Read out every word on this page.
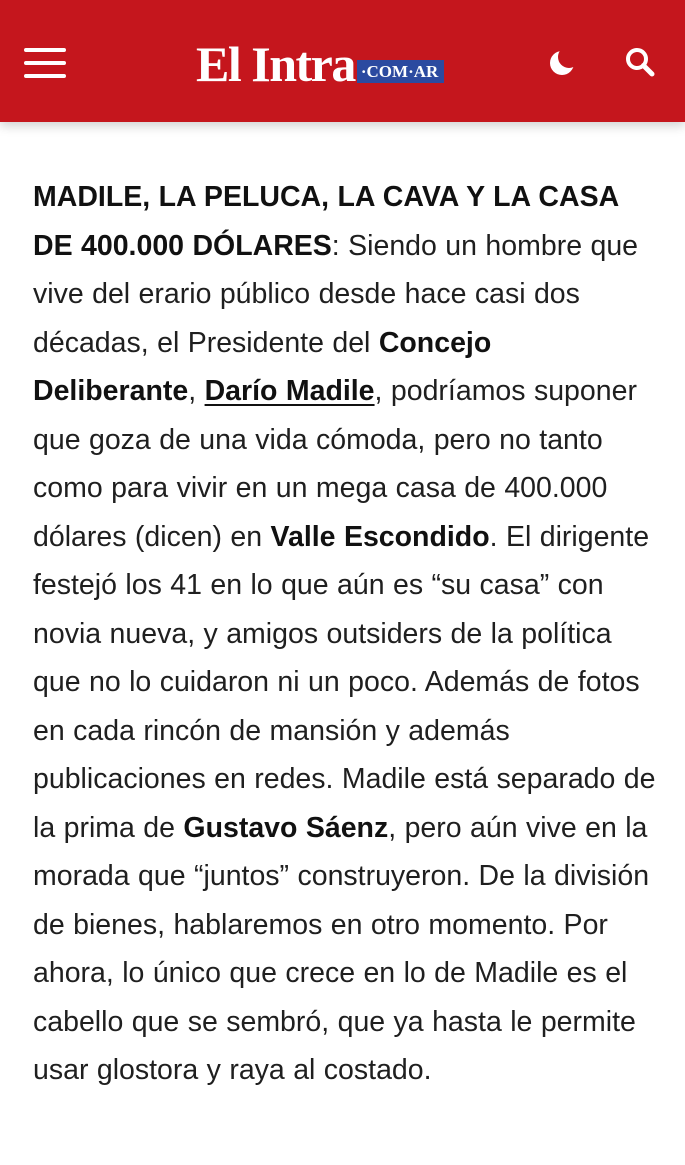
El Intra ·COM·AR

MADILE, LA PELUCA, LA CAVA Y LA CASA DE 400.000 DÓLARES: Siendo un hombre que vive del erario público desde hace casi dos décadas, el Presidente del Concejo Deliberante, Darío Madile, podríamos suponer que goza de una vida cómoda, pero no tanto como para vivir en un mega casa de 400.000 dólares (dicen) en Valle Escondido. El dirigente festejó los 41 en lo que aún es “su casa” con novia nueva, y amigos outsiders de la política que no lo cuidaron ni un poco. Además de fotos en cada rincón de mansión y además publicaciones en redes. Madile está separado de la prima de Gustavo Sáenz, pero aún vive en la morada que “juntos” construyeron. De la división de bienes, hablaremos en otro momento. Por ahora, lo único que crece en lo de Madile es el cabello que se sembró, que ya hasta le permite usar glostora y raya al costado.
